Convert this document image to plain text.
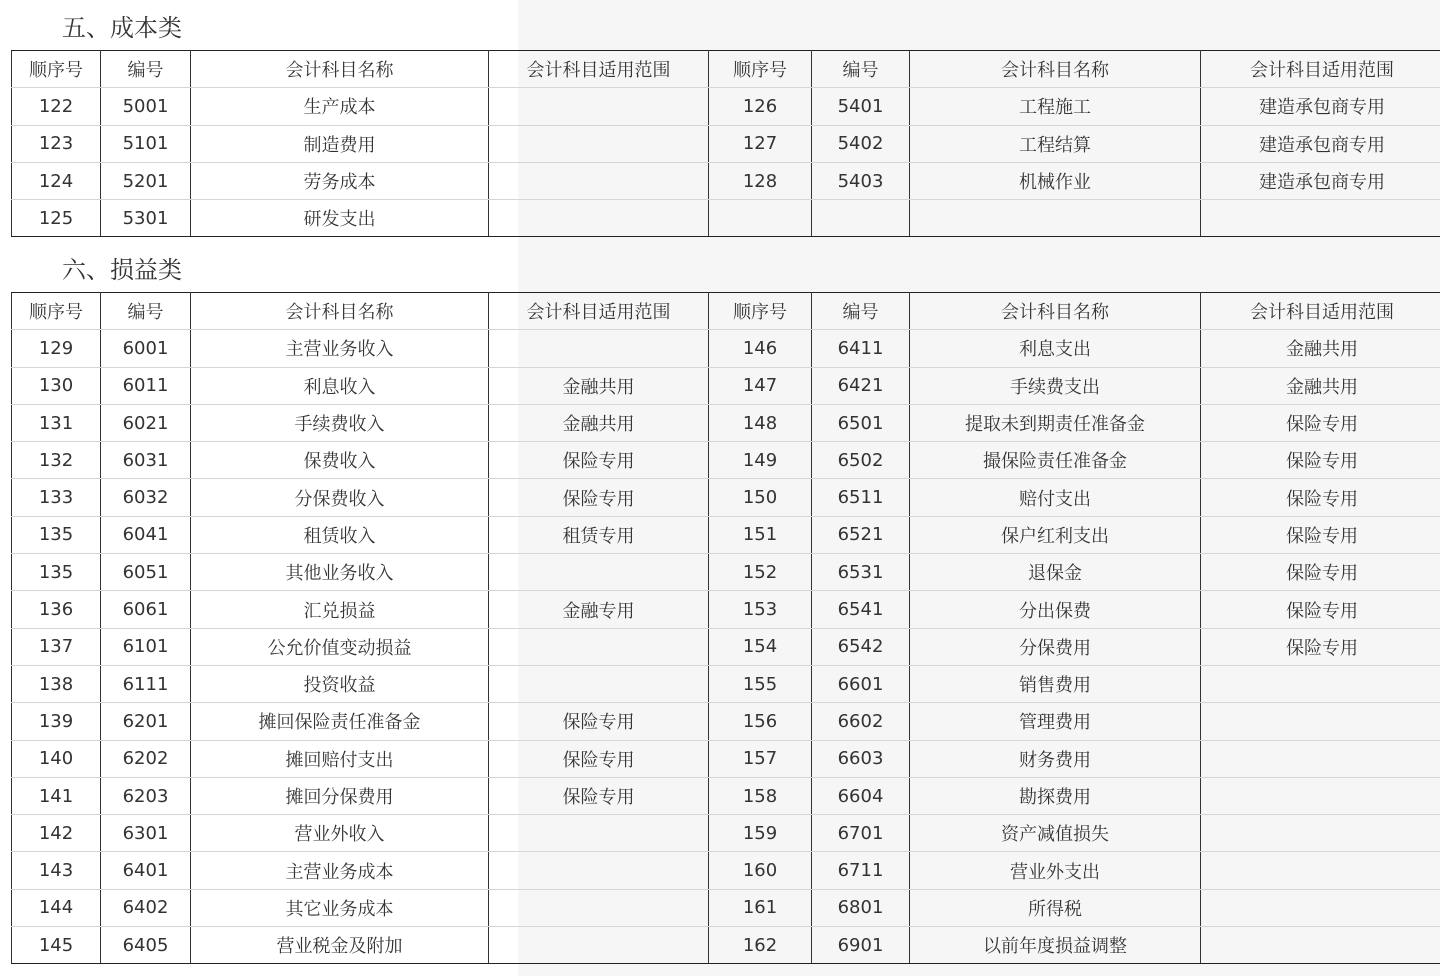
五、成本类
顺序号	编号	会计科目名称	会计科目适用范围	顺序号	编号	会计科目名称	会计科目适用范围
122	5001	生产成本		126	5401	工程施工	建造承包商专用
123	5101	制造费用		127	5402	工程结算	建造承包商专用
124	5201	劳务成本		128	5403	机械作业	建造承包商专用
125	5301	研发支出					
六、损益类
顺序号	编号	会计科目名称	会计科目适用范围	顺序号	编号	会计科目名称	会计科目适用范围
129	6001	主营业务收入		146	6411	利息支出	金融共用
130	6011	利息收入	金融共用	147	6421	手续费支出	金融共用
131	6021	手续费收入	金融共用	148	6501	提取未到期责任准备金	保险专用
132	6031	保费收入	保险专用	149	6502	撮保险责任准备金	保险专用
133	6032	分保费收入	保险专用	150	6511	赔付支出	保险专用
135	6041	租赁收入	租赁专用	151	6521	保户红利支出	保险专用
135	6051	其他业务收入		152	6531	退保金	保险专用
136	6061	汇兑损益	金融专用	153	6541	分出保费	保险专用
137	6101	公允价值变动损益		154	6542	分保费用	保险专用
138	6111	投资收益		155	6601	销售费用	
139	6201	摊回保险责任准备金	保险专用	156	6602	管理费用	
140	6202	摊回赔付支出	保险专用	157	6603	财务费用	
141	6203	摊回分保费用	保险专用	158	6604	勘探费用	
142	6301	营业外收入		159	6701	资产减值损失	
143	6401	主营业务成本		160	6711	营业外支出	
144	6402	其它业务成本		161	6801	所得税	
145	6405	营业税金及附加		162	6901	以前年度损益调整	
